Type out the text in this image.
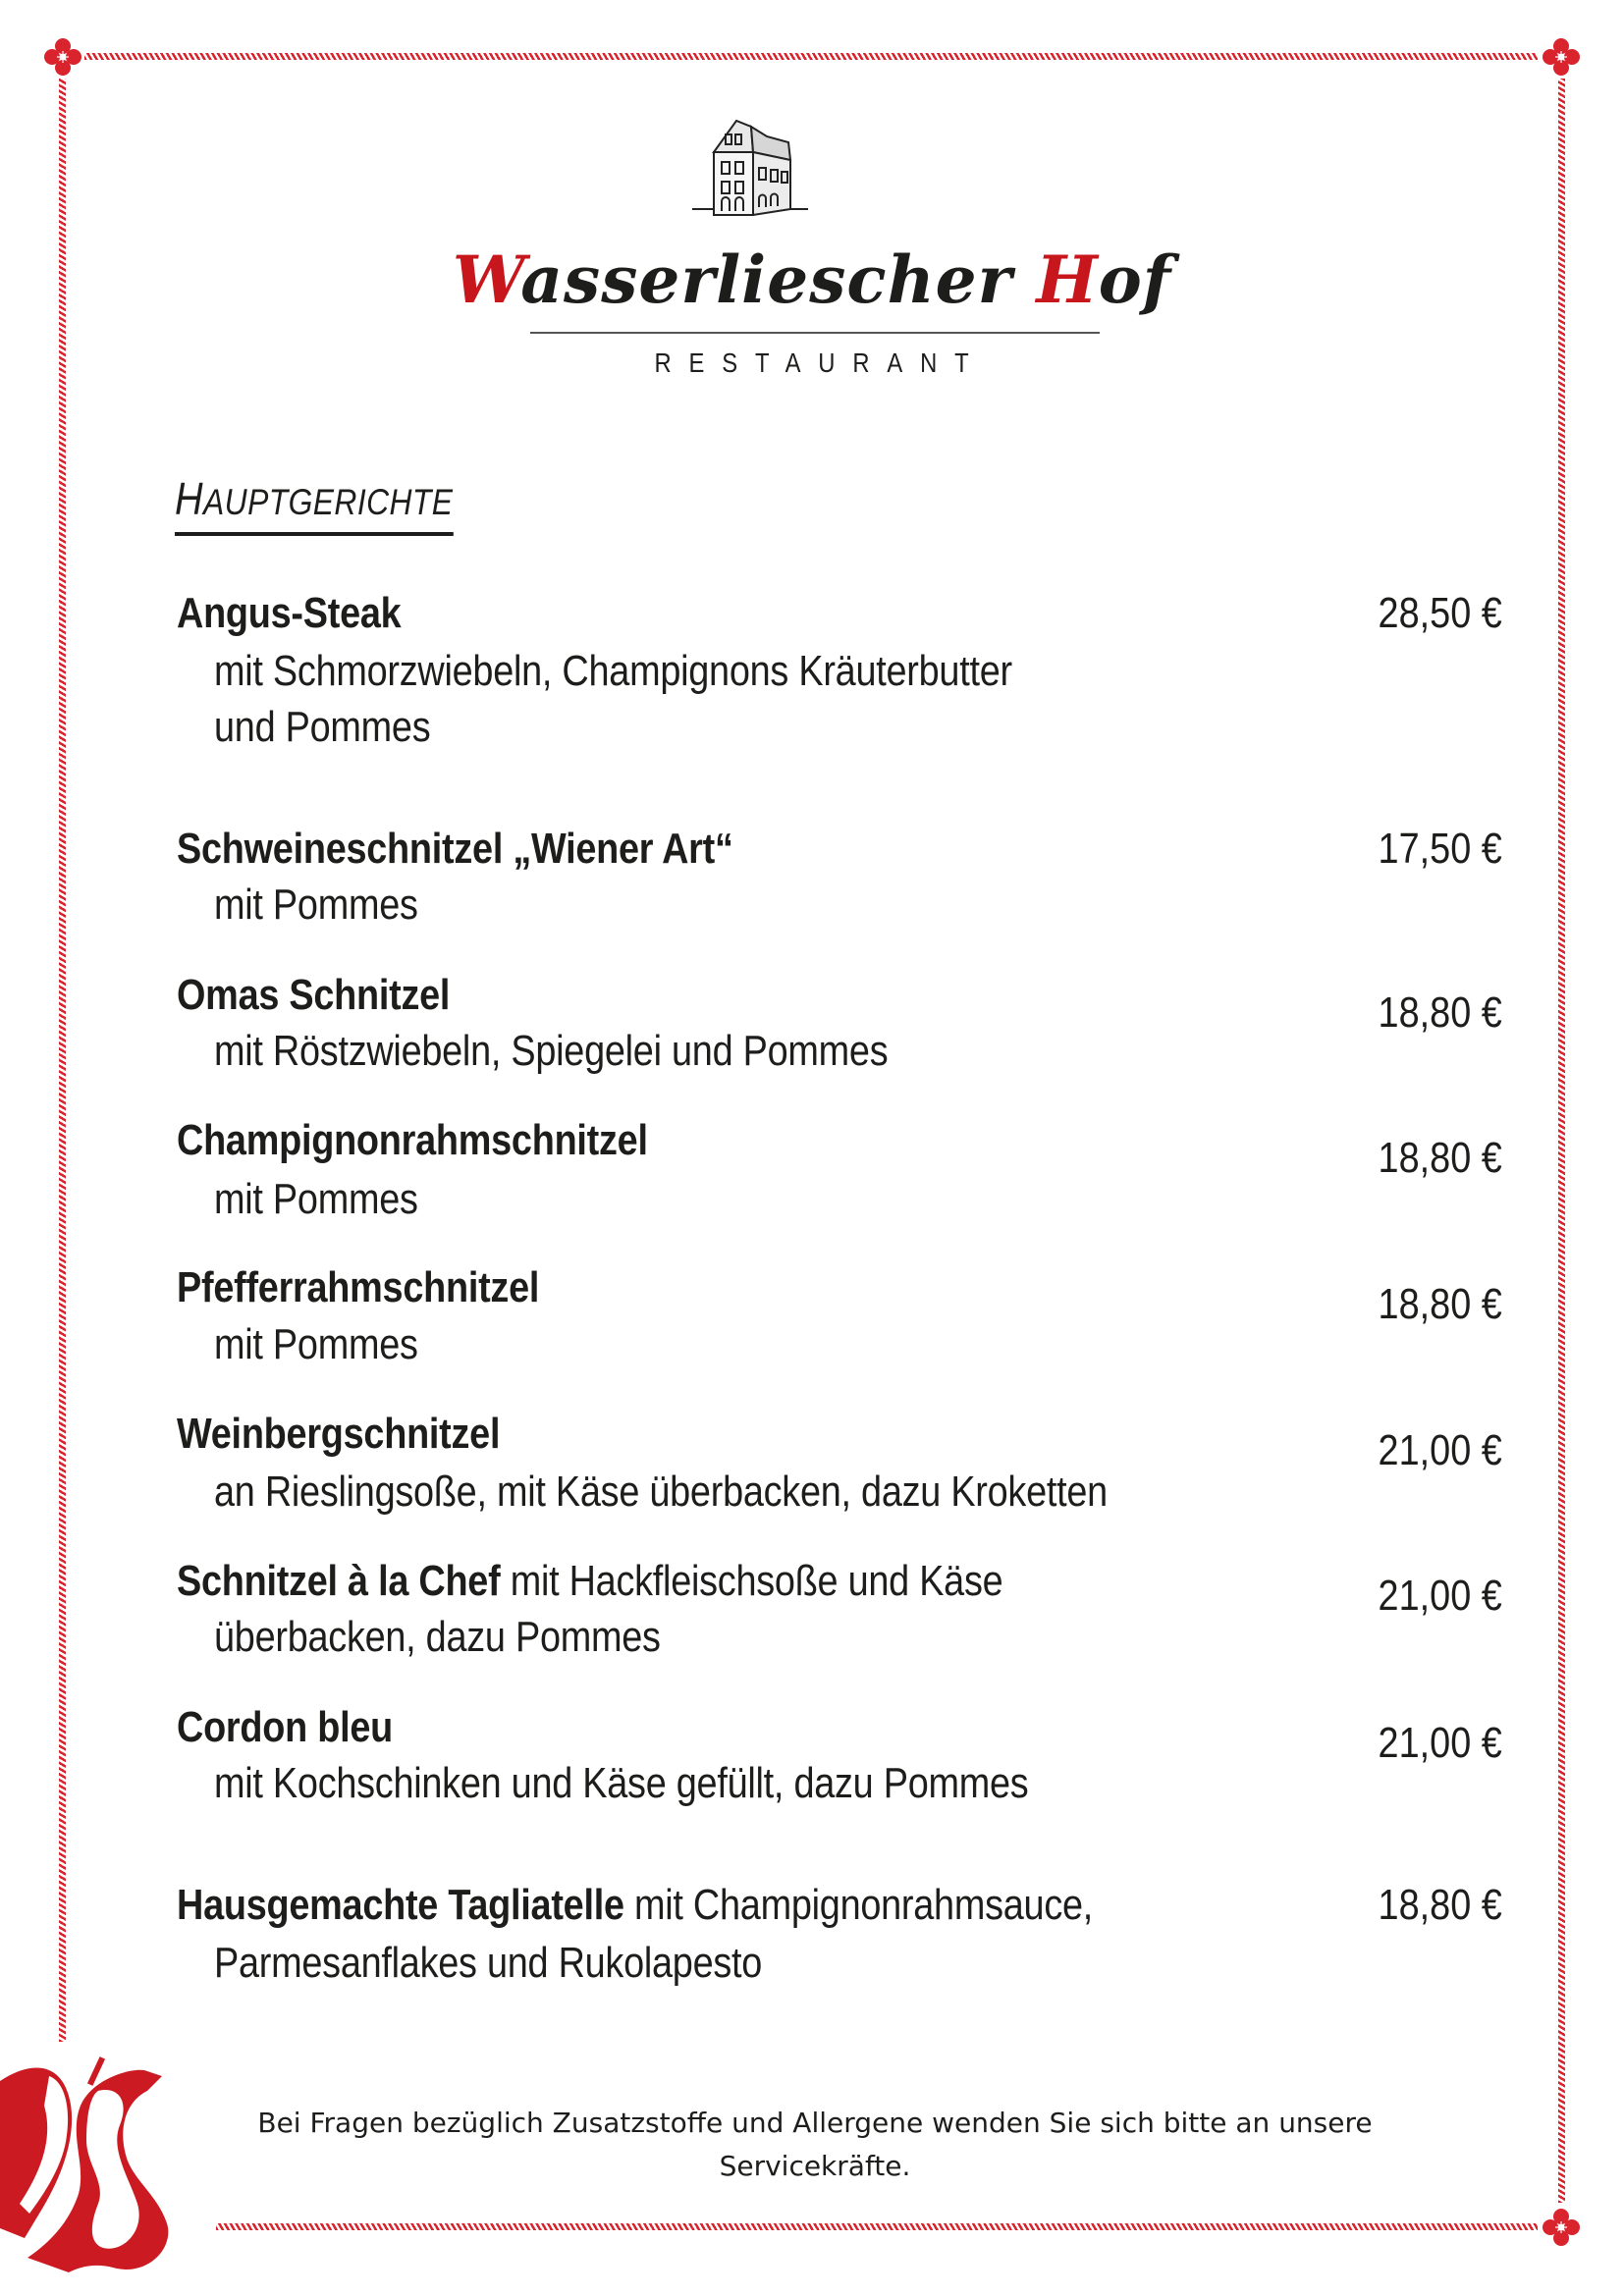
Wasserliescher Hof
RESTAURANT
HAUPTGERICHTE
Angus-Steak
mit Schmorzwiebeln, Champignons Kräuterbutter
und Pommes
28,50 €
Schweineschnitzel „Wiener Art“
mit Pommes
17,50 €
Omas Schnitzel
mit Röstzwiebeln, Spiegelei und Pommes
18,80 €
Champignonrahmschnitzel
mit Pommes
18,80 €
Pfefferrahmschnitzel
mit Pommes
18,80 €
Weinbergschnitzel
an Rieslingsoße, mit Käse überbacken, dazu Kroketten
21,00 €
Schnitzel à la Chef mit Hackfleischsoße und Käse
überbacken, dazu Pommes
21,00 €
Cordon bleu
mit Kochschinken und Käse gefüllt, dazu Pommes
21,00 €
Hausgemachte Tagliatelle mit Champignonrahmsauce,
Parmesanflakes und Rukolapesto
18,80 €
Bei Fragen bezüglich Zusatzstoffe und Allergene wenden Sie sich bitte an unsere
Servicekräfte.
